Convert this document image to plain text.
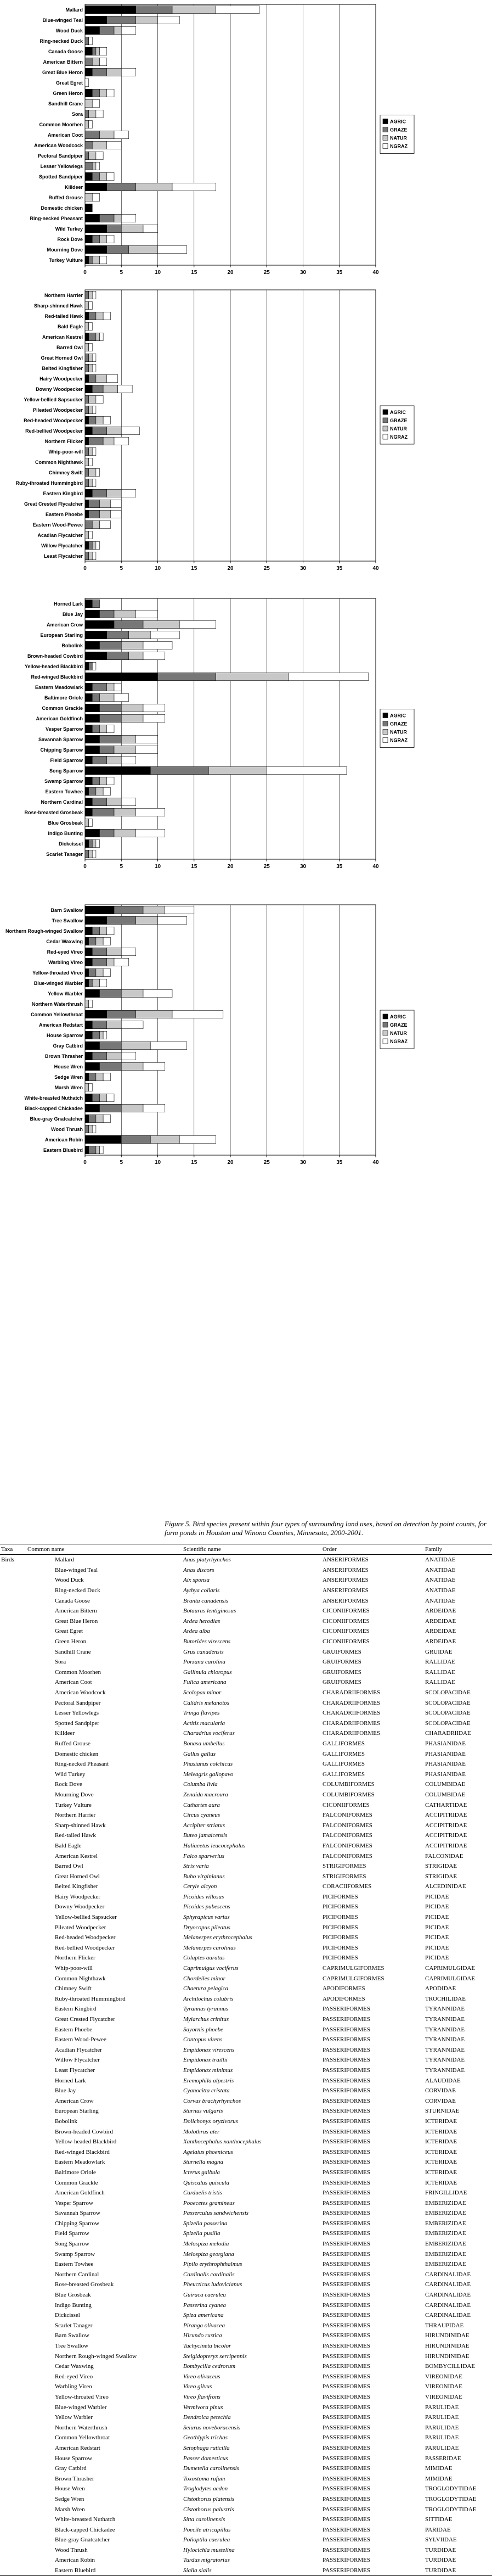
0	5	10	15	20	25	30	35	40
Mallard
Blue-winged Teal
Wood Duck
Ring-necked Duck
Canada Goose
American Bittern
Great Blue Heron
Great Egret
Green Heron
Sandhill Crane
Sora
Common Moorhen
American Coot
American Woodcock
Pectoral Sandpiper
Lesser Yellowlegs
Spotted Sandpiper
Killdeer
Ruffed Grouse
Domestic chicken
Ring-necked Pheasant
Wild Turkey
Rock Dove
Mourning Dove
Turkey Vulture
AGRIC
GRAZE
NATUR
NGRAZ
0	5	10	15	20	25	30	35	40
Northern Harrier
Sharp-shinned Hawk
Red-tailed Hawk
Bald Eagle
American Kestrel
Barred Owl
Great Horned Owl
Belted Kingfisher
Hairy Woodpecker
Downy Woodpecker
Yellow-bellied Sapsucker
Pileated Woodpecker
Red-headed Woodpecker
Red-bellied Woodpecker
Northern Flicker
Whip-poor-will
Common Nighthawk
Chimney Swift
Ruby-throated Hummingbird
Eastern Kingbird
Great Crested Flycatcher
Eastern Phoebe
Eastern Wood-Pewee
Acadian Flycatcher
Willow Flycatcher
Least Flycatcher
AGRIC
GRAZE
NATUR
NGRAZ
0	5	10	15	20	25	30	35	40
Horned Lark
Blue Jay
American Crow
European Starling
Bobolink
Brown-headed Cowbird
Yellow-headed Blackbird
Red-winged Blackbird
Eastern Meadowlark
Baltimore Oriole
Common Grackle
American Goldfinch
Vesper Sparrow
Savannah Sparrow
Chipping Sparrow
Field Sparrow
Song Sparrow
Swamp Sparrow
Eastern Towhee
Northern Cardinal
Rose-breasted Grosbeak
Blue Grosbeak
Indigo Bunting
Dickcissel
Scarlet Tanager
AGRIC
GRAZE
NATUR
NGRAZ
0	5	10	15	20	25	30	35	40
Barn Swallow
Tree Swallow
Northern Rough-winged Swallow
Cedar Waxwing
Red-eyed Vireo
Warbling Vireo
Yellow-throated Vireo
Blue-winged Warbler
Yellow Warbler
Northern Waterthrush
Common Yellowthroat
American Redstart
House Sparrow
Gray Catbird
Brown Thrasher
House Wren
Sedge Wren
Marsh Wren
White-breasted Nuthatch
Black-capped Chickadee
Blue-gray Gnatcatcher
Wood Thrush
American Robin
Eastern Bluebird
AGRIC
GRAZE
NATUR
NGRAZ
Figure 5. Bird species present within four types of surrounding land uses, based on detection by point counts, for farm ponds in Houston and Winona Counties, Minnesota, 2000-2001.
Taxa	Common name	Scientific name	Order	Family
Birds	Mallard	Anas platyrhynchos	ANSERIFORMES	ANATIDAE
	Blue-winged Teal	Anas discors	ANSERIFORMES	ANATIDAE
	Wood Duck	Aix sponsa	ANSERIFORMES	ANATIDAE
	Ring-necked Duck	Aythya collaris	ANSERIFORMES	ANATIDAE
	Canada Goose	Branta canadensis	ANSERIFORMES	ANATIDAE
	American Bittern	Botaurus lentiginosus	CICONIIFORMES	ARDEIDAE
	Great Blue Heron	Ardea herodias	CICONIIFORMES	ARDEIDAE
	Great Egret	Ardea alba	CICONIIFORMES	ARDEIDAE
	Green Heron	Butorides virescens	CICONIIFORMES	ARDEIDAE
	Sandhill Crane	Grus canadensis	GRUIFORMES	GRUIDAE
	Sora	Porzana carolina	GRUIFORMES	RALLIDAE
	Common Moorhen	Gallinula chloropus	GRUIFORMES	RALLIDAE
	American Coot	Fulica americana	GRUIFORMES	RALLIDAE
	American Woodcock	Scolopax minor	CHARADRIIFORMES	SCOLOPACIDAE
	Pectoral Sandpiper	Calidris melanotos	CHARADRIIFORMES	SCOLOPACIDAE
	Lesser Yellowlegs	Tringa flavipes	CHARADRIIFORMES	SCOLOPACIDAE
	Spotted Sandpiper	Actitis macularia	CHARADRIIFORMES	SCOLOPACIDAE
	Killdeer	Charadrius vociferus	CHARADRIIFORMES	CHARADRIIDAE
	Ruffed Grouse	Bonasa umbellus	GALLIFORMES	PHASIANIDAE
	Domestic chicken	Gallus gallus	GALLIFORMES	PHASIANIDAE
	Ring-necked Pheasant	Phasianus colchicus	GALLIFORMES	PHASIANIDAE
	Wild Turkey	Meleagris gallopavo	GALLIFORMES	PHASIANIDAE
	Rock Dove	Columba livia	COLUMBIFORMES	COLUMBIDAE
	Mourning Dove	Zenaida macroura	COLUMBIFORMES	COLUMBIDAE
	Turkey Vulture	Cathartes aura	CICONIIFORMES	CATHARTIDAE
	Northern Harrier	Circus cyaneus	FALCONIFORMES	ACCIPITRIDAE
	Sharp-shinned Hawk	Accipiter striatus	FALCONIFORMES	ACCIPITRIDAE
	Red-tailed Hawk	Buteo jamaicensis	FALCONIFORMES	ACCIPITRIDAE
	Bald Eagle	Haliaeetus leucocephalus	FALCONIFORMES	ACCIPITRIDAE
	American Kestrel	Falco sparverius	FALCONIFORMES	FALCONIDAE
	Barred Owl	Strix varia	STRIGIFORMES	STRIGIDAE
	Great Horned Owl	Bubo virginianus	STRIGIFORMES	STRIGIDAE
	Belted Kingfisher	Ceryle alcyon	CORACIIFORMES	ALCEDINIDAE
	Hairy Woodpecker	Picoides villosus	PICIFORMES	PICIDAE
	Downy Woodpecker	Picoides pubescens	PICIFORMES	PICIDAE
	Yellow-bellied Sapsucker	Sphyrapicus varius	PICIFORMES	PICIDAE
	Pileated Woodpecker	Dryocopus pileatus	PICIFORMES	PICIDAE
	Red-headed Woodpecker	Melanerpes erythrocephalus	PICIFORMES	PICIDAE
	Red-bellied Woodpecker	Melanerpes carolinus	PICIFORMES	PICIDAE
	Northern Flicker	Colaptes auratus	PICIFORMES	PICIDAE
	Whip-poor-will	Caprimulgus vociferus	CAPRIMULGIFORMES	CAPRIMULGIDAE
	Common Nighthawk	Chordeiles minor	CAPRIMULGIFORMES	CAPRIMULGIDAE
	Chimney Swift	Chaetura pelagica	APODIFORMES	APODIDAE
	Ruby-throated Hummingbird	Archilochus colubris	APODIFORMES	TROCHILIDAE
	Eastern Kingbird	Tyrannus tyrannus	PASSERIFORMES	TYRANNIDAE
	Great Crested Flycatcher	Myiarchus crinitus	PASSERIFORMES	TYRANNIDAE
	Eastern Phoebe	Sayornis phoebe	PASSERIFORMES	TYRANNIDAE
	Eastern Wood-Pewee	Contopus virens	PASSERIFORMES	TYRANNIDAE
	Acadian Flycatcher	Empidonax virescens	PASSERIFORMES	TYRANNIDAE
	Willow Flycatcher	Empidonax traillii	PASSERIFORMES	TYRANNIDAE
	Least Flycatcher	Empidonax minimus	PASSERIFORMES	TYRANNIDAE
	Horned Lark	Eremophila alpestris	PASSERIFORMES	ALAUDIDAE
	Blue Jay	Cyanocitta cristata	PASSERIFORMES	CORVIDAE
	American Crow	Corvus brachyrhynchos	PASSERIFORMES	CORVIDAE
	European Starling	Sturnus vulgaris	PASSERIFORMES	STURNIDAE
	Bobolink	Dolichonyx oryzivorus	PASSERIFORMES	ICTERIDAE
	Brown-headed Cowbird	Molothrus ater	PASSERIFORMES	ICTERIDAE
	Yellow-headed Blackbird	Xanthocephalus xanthocephalus	PASSERIFORMES	ICTERIDAE
	Red-winged Blackbird	Agelaius phoeniceus	PASSERIFORMES	ICTERIDAE
	Eastern Meadowlark	Sturnella magna	PASSERIFORMES	ICTERIDAE
	Baltimore Oriole	Icterus galbula	PASSERIFORMES	ICTERIDAE
	Common Grackle	Quiscalus quiscula	PASSERIFORMES	ICTERIDAE
	American Goldfinch	Carduelis tristis	PASSERIFORMES	FRINGILLIDAE
	Vesper Sparrow	Pooecetes gramineus	PASSERIFORMES	EMBERIZIDAE
	Savannah Sparrow	Passerculus sandwichensis	PASSERIFORMES	EMBERIZIDAE
	Chipping Sparrow	Spizella passerina	PASSERIFORMES	EMBERIZIDAE
	Field Sparrow	Spizella pusilla	PASSERIFORMES	EMBERIZIDAE
	Song Sparrow	Melospiza melodia	PASSERIFORMES	EMBERIZIDAE
	Swamp Sparrow	Melospiza georgiana	PASSERIFORMES	EMBERIZIDAE
	Eastern Towhee	Pipilo erythrophthalmus	PASSERIFORMES	EMBERIZIDAE
	Northern Cardinal	Cardinalis cardinalis	PASSERIFORMES	CARDINALIDAE
	Rose-breasted Grosbeak	Pheucticus ludovicianus	PASSERIFORMES	CARDINALIDAE
	Blue Grosbeak	Guiraca caerulea	PASSERIFORMES	CARDINALIDAE
	Indigo Bunting	Passerina cyanea	PASSERIFORMES	CARDINALIDAE
	Dickcissel	Spiza americana	PASSERIFORMES	CARDINALIDAE
	Scarlet Tanager	Piranga olivacea	PASSERIFORMES	THRAUPIDAE
	Barn Swallow	Hirundo rustica	PASSERIFORMES	HIRUNDINIDAE
	Tree Swallow	Tachycineta bicolor	PASSERIFORMES	HIRUNDINIDAE
	Northern Rough-winged Swallow	Stelgidopteryx serripennis	PASSERIFORMES	HIRUNDINIDAE
	Cedar Waxwing	Bombycilla cedrorum	PASSERIFORMES	BOMBYCILLIDAE
	Red-eyed Vireo	Vireo olivaceus	PASSERIFORMES	VIREONIDAE
	Warbling Vireo	Vireo gilvus	PASSERIFORMES	VIREONIDAE
	Yellow-throated Vireo	Vireo flavifrons	PASSERIFORMES	VIREONIDAE
	Blue-winged Warbler	Vermivora pinus	PASSERIFORMES	PARULIDAE
	Yellow Warbler	Dendroica petechia	PASSERIFORMES	PARULIDAE
	Northern Waterthrush	Seiurus noveboracensis	PASSERIFORMES	PARULIDAE
	Common Yellowthroat	Geothlypis trichas	PASSERIFORMES	PARULIDAE
	American Redstart	Setophaga ruticilla	PASSERIFORMES	PARULIDAE
	House Sparrow	Passer domesticus	PASSERIFORMES	PASSERIDAE
	Gray Catbird	Dumetella carolinensis	PASSERIFORMES	MIMIDAE
	Brown Thrasher	Toxostoma rufum	PASSERIFORMES	MIMIDAE
	House Wren	Troglodytes aedon	PASSERIFORMES	TROGLODYTIDAE
	Sedge Wren	Cistothorus platensis	PASSERIFORMES	TROGLODYTIDAE
	Marsh Wren	Cistothorus palustris	PASSERIFORMES	TROGLODYTIDAE
	White-breasted Nuthatch	Sitta carolinensis	PASSERIFORMES	SITTIDAE
	Black-capped Chickadee	Poecile atricapillus	PASSERIFORMES	PARIDAE
	Blue-gray Gnatcatcher	Polioptila caerulea	PASSERIFORMES	SYLVIIDAE
	Wood Thrush	Hylocichla mustelina	PASSERIFORMES	TURDIDAE
	American Robin	Turdus migratorius	PASSERIFORMES	TURDIDAE
	Eastern Bluebird	Sialia sialis	PASSERIFORMES	TURDIDAE
